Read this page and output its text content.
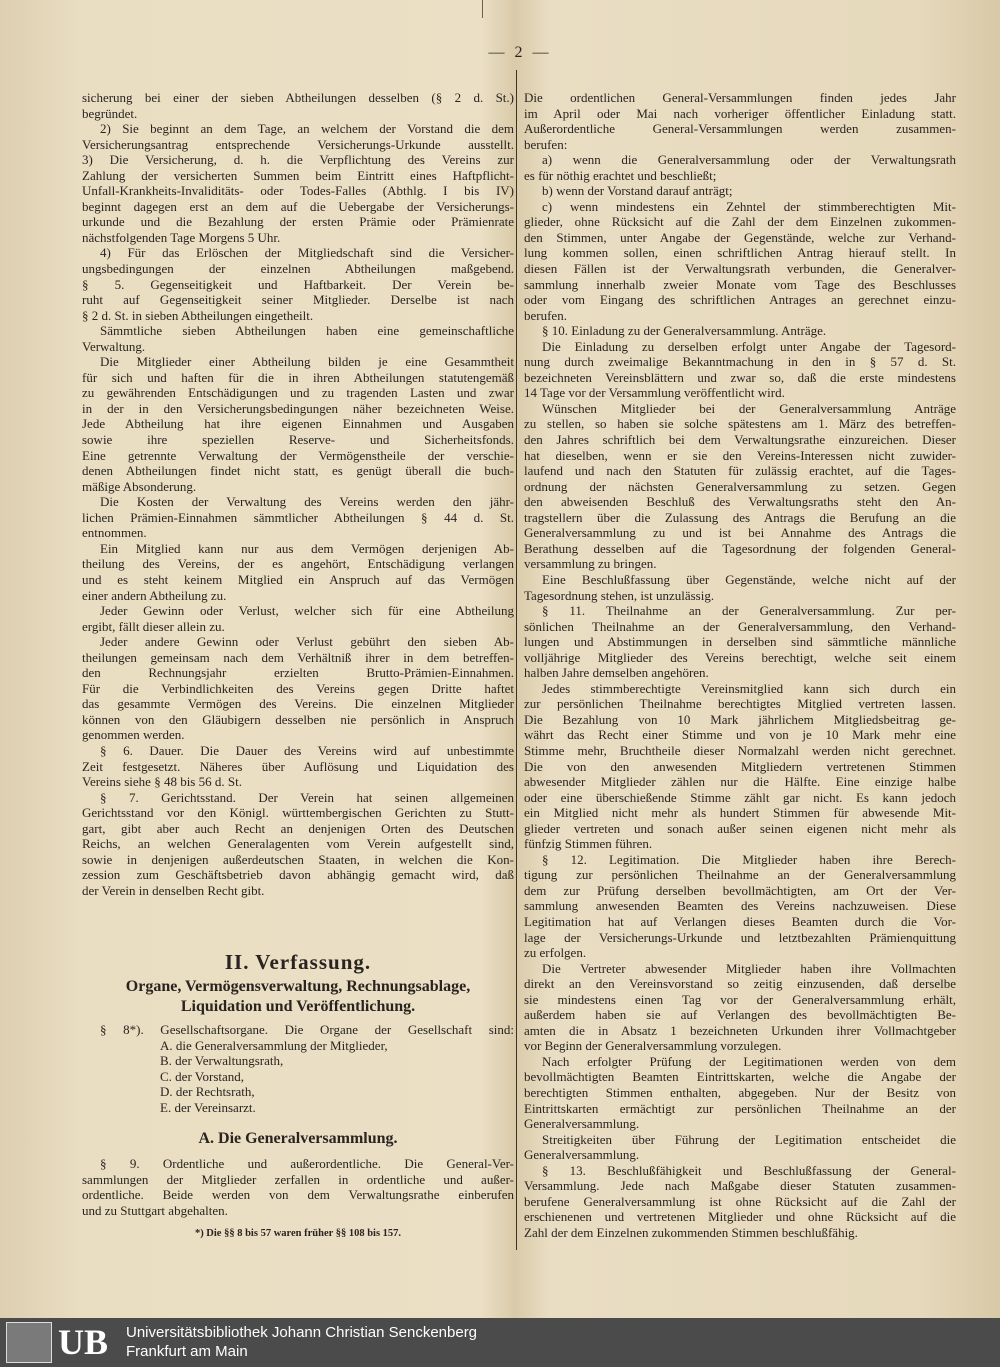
— 2 —
sicherung bei einer der sieben Abtheilungen desselben (§ 2 d. St.)
begründet.
2) Sie beginnt an dem Tage, an welchem der Vorstand die dem
Versicherungsantrag entsprechende Versicherungs-Urkunde ausstellt.
3) Die Versicherung, d. h. die Verpflichtung des Vereins zur
Zahlung der versicherten Summen beim Eintritt eines Haftpflicht-
Unfall-Krankheits-Invaliditäts- oder Todes-Falles (Abthlg. I bis IV)
beginnt dagegen erst an dem auf die Uebergabe der Versicherungs-
urkunde und die Bezahlung der ersten Prämie oder Prämienrate
nächstfolgenden Tage Morgens 5 Uhr.
4) Für das Erlöschen der Mitgliedschaft sind die Versicher-
ungsbedingungen der einzelnen Abtheilungen maßgebend.
§ 5. Gegenseitigkeit und Haftbarkeit. Der Verein be-
ruht auf Gegenseitigkeit seiner Mitglieder. Derselbe ist nach
§ 2 d. St. in sieben Abtheilungen eingetheilt.
Sämmtliche sieben Abtheilungen haben eine gemeinschaftliche
Verwaltung.
Die Mitglieder einer Abtheilung bilden je eine Gesammtheit
für sich und haften für die in ihren Abtheilungen statutengemäß
zu gewährenden Entschädigungen und zu tragenden Lasten und zwar
in der in den Versicherungsbedingungen näher bezeichneten Weise.
Jede Abtheilung hat ihre eigenen Einnahmen und Ausgaben
sowie ihre speziellen Reserve- und Sicherheitsfonds.
Eine getrennte Verwaltung der Vermögenstheile der verschie-
denen Abtheilungen findet nicht statt, es genügt überall die buch-
mäßige Absonderung.
Die Kosten der Verwaltung des Vereins werden den jähr-
lichen Prämien-Einnahmen sämmtlicher Abtheilungen § 44 d. St.
entnommen.
Ein Mitglied kann nur aus dem Vermögen derjenigen Ab-
theilung des Vereins, der es angehört, Entschädigung verlangen
und es steht keinem Mitglied ein Anspruch auf das Vermögen
einer andern Abtheilung zu.
Jeder Gewinn oder Verlust, welcher sich für eine Abtheilung
ergibt, fällt dieser allein zu.
Jeder andere Gewinn oder Verlust gebührt den sieben Ab-
theilungen gemeinsam nach dem Verhältniß ihrer in dem betreffen-
den Rechnungsjahr erzielten Brutto-Prämien-Einnahmen.
Für die Verbindlichkeiten des Vereins gegen Dritte haftet
das gesammte Vermögen des Vereins. Die einzelnen Mitglieder
können von den Gläubigern desselben nie persönlich in Anspruch
genommen werden.
§ 6. Dauer. Die Dauer des Vereins wird auf unbestimmte
Zeit festgesetzt. Näheres über Auflösung und Liquidation des
Vereins siehe § 48 bis 56 d. St.
§ 7. Gerichtsstand. Der Verein hat seinen allgemeinen
Gerichtsstand vor den Königl. württembergischen Gerichten zu Stutt-
gart, gibt aber auch Recht an denjenigen Orten des Deutschen
Reichs, an welchen Generalagenten vom Verein aufgestellt sind,
sowie in denjenigen außerdeutschen Staaten, in welchen die Kon-
zession zum Geschäftsbetrieb davon abhängig gemacht wird, daß
der Verein in denselben Recht gibt.
Die ordentlichen General-Versammlungen finden jedes Jahr
im April oder Mai nach vorheriger öffentlicher Einladung statt.
Außerordentliche General-Versammlungen werden zusammen-
berufen:
a) wenn die Generalversammlung oder der Verwaltungsrath
es für nöthig erachtet und beschließt;
b) wenn der Vorstand darauf anträgt;
c) wenn mindestens ein Zehntel der stimmberechtigten Mit-
glieder, ohne Rücksicht auf die Zahl der dem Einzelnen zukommen-
den Stimmen, unter Angabe der Gegenstände, welche zur Verhand-
lung kommen sollen, einen schriftlichen Antrag hierauf stellt. In
diesen Fällen ist der Verwaltungsrath verbunden, die Generalver-
sammlung innerhalb zweier Monate vom Tage des Beschlusses
oder vom Eingang des schriftlichen Antrages an gerechnet einzu-
berufen.
§ 10. Einladung zu der Generalversammlung. Anträge.
Die Einladung zu derselben erfolgt unter Angabe der Tagesord-
nung durch zweimalige Bekanntmachung in den in § 57 d. St.
bezeichneten Vereinsblättern und zwar so, daß die erste mindestens
14 Tage vor der Versammlung veröffentlicht wird.
Wünschen Mitglieder bei der Generalversammlung Anträge
zu stellen, so haben sie solche spätestens am 1. März des betreffen-
den Jahres schriftlich bei dem Verwaltungsrathe einzureichen. Dieser
hat dieselben, wenn er sie den Vereins-Interessen nicht zuwider-
laufend und nach den Statuten für zulässig erachtet, auf die Tages-
ordnung der nächsten Generalversammlung zu setzen. Gegen
den abweisenden Beschluß des Verwaltungsraths steht den An-
tragstellern über die Zulassung des Antrags die Berufung an die
Generalversammlung zu und ist bei Annahme des Antrags die
Berathung desselben auf die Tagesordnung der folgenden General-
versammlung zu bringen.
Eine Beschlußfassung über Gegenstände, welche nicht auf der
Tagesordnung stehen, ist unzulässig.
§ 11. Theilnahme an der Generalversammlung. Zur per-
sönlichen Theilnahme an der Generalversammlung, den Verhand-
lungen und Abstimmungen in derselben sind sämmtliche männliche
volljährige Mitglieder des Vereins berechtigt, welche seit einem
halben Jahre demselben angehören.
Jedes stimmberechtigte Vereinsmitglied kann sich durch ein
zur persönlichen Theilnahme berechtigtes Mitglied vertreten lassen.
Die Bezahlung von 10 Mark jährlichem Mitgliedsbeitrag ge-
währt das Recht einer Stimme und von je 10 Mark mehr eine
Stimme mehr, Bruchtheile dieser Normalzahl werden nicht gerechnet.
Die von den anwesenden Mitgliedern vertretenen Stimmen
abwesender Mitglieder zählen nur die Hälfte. Eine einzige halbe
oder eine überschießende Stimme zählt gar nicht. Es kann jedoch
ein Mitglied nicht mehr als hundert Stimmen für abwesende Mit-
glieder vertreten und sonach außer seinen eigenen nicht mehr als
fünfzig Stimmen führen.
§ 12. Legitimation. Die Mitglieder haben ihre Berech-
tigung zur persönlichen Theilnahme an der Generalversammlung
dem zur Prüfung derselben bevollmächtigten, am Ort der Ver-
sammlung anwesenden Beamten des Vereins nachzuweisen. Diese
Legitimation hat auf Verlangen dieses Beamten durch die Vor-
lage der Versicherungs-Urkunde und letztbezahlten Prämienquittung
zu erfolgen.
Die Vertreter abwesender Mitglieder haben ihre Vollmachten
direkt an den Vereinsvorstand so zeitig einzusenden, daß derselbe
sie mindestens einen Tag vor der Generalversammlung erhält,
außerdem haben sie auf Verlangen des bevollmächtigten Be-
amten die in Absatz 1 bezeichneten Urkunden ihrer Vollmachtgeber
vor Beginn der Generalversammlung vorzulegen.
Nach erfolgter Prüfung der Legitimationen werden von dem
bevollmächtigten Beamten Eintrittskarten, welche die Angabe der
berechtigten Stimmen enthalten, abgegeben. Nur der Besitz von
Eintrittskarten ermächtigt zur persönlichen Theilnahme an der
Generalversammlung.
Streitigkeiten über Führung der Legitimation entscheidet die
Generalversammlung.
§ 13. Beschlußfähigkeit und Beschlußfassung der General-
Versammlung. Jede nach Maßgabe dieser Statuten zusammen-
berufene Generalversammlung ist ohne Rücksicht auf die Zahl der
erschienenen und vertretenen Mitglieder und ohne Rücksicht auf die
Zahl der dem Einzelnen zukommenden Stimmen beschlußfähig.
II. Verfassung.
Organe, Vermögensverwaltung, Rechnungsablage,
Liquidation und Veröffentlichung.
§ 8*). Gesellschaftsorgane. Die Organe der Gesellschaft sind:
A. die Generalversammlung der Mitglieder,
B. der Verwaltungsrath,
C. der Vorstand,
D. der Rechtsrath,
E. der Vereinsarzt.
A. Die Generalversammlung.
§ 9. Ordentliche und außerordentliche. Die General-Ver-
sammlungen der Mitglieder zerfallen in ordentliche und außer-
ordentliche. Beide werden von dem Verwaltungsrathe einberufen
und zu Stuttgart abgehalten.
*) Die §§ 8 bis 57 waren früher §§ 108 bis 157.
UB Universitätsbibliothek Johann Christian Senckenberg
Frankfurt am Main
